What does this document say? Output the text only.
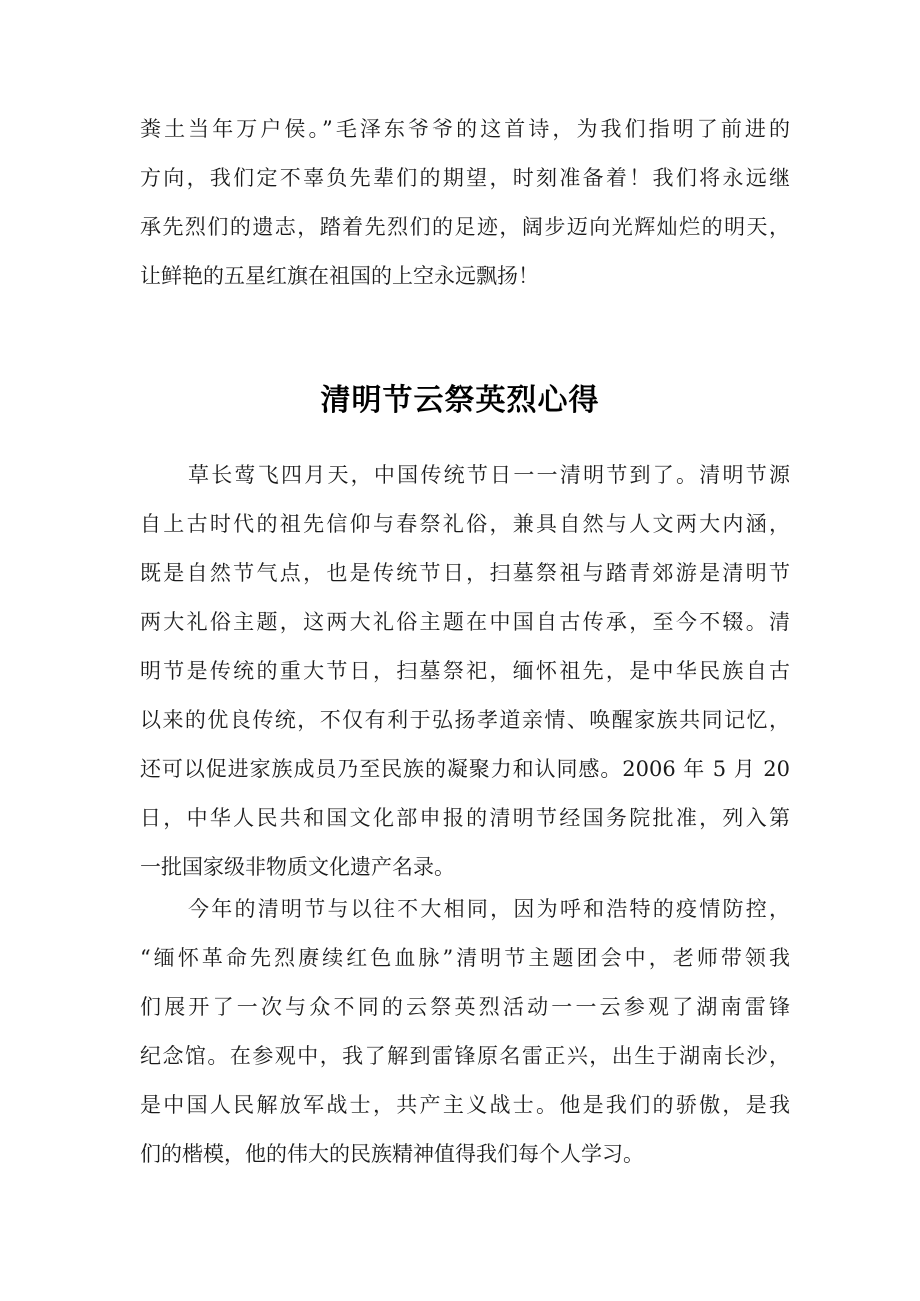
粪土当年万户侯。”毛泽东爷爷的这首诗，为我们指明了前进的
方向，我们定不辜负先辈们的期望，时刻准备着！我们将永远继
承先烈们的遗志，踏着先烈们的足迹，阔步迈向光辉灿烂的明天，
让鲜艳的五星红旗在祖国的上空永远飘扬！
清明节云祭英烈心得
草长莺飞四月天，中国传统节日一一清明节到了。清明节源
自上古时代的祖先信仰与春祭礼俗，兼具自然与人文两大内涵，
既是自然节气点，也是传统节日，扫墓祭祖与踏青郊游是清明节
两大礼俗主题，这两大礼俗主题在中国自古传承，至今不辍。清
明节是传统的重大节日，扫墓祭祀，缅怀祖先，是中华民族自古
以来的优良传统，不仅有利于弘扬孝道亲情、唤醒家族共同记忆，
还可以促进家族成员乃至民族的凝聚力和认同感。2006 年 5 月 20
日，中华人民共和国文化部申报的清明节经国务院批准，列入第
一批国家级非物质文化遗产名录。
今年的清明节与以往不大相同，因为呼和浩特的疫情防控，
“缅怀革命先烈赓续红色血脉”清明节主题团会中，老师带领我
们展开了一次与众不同的云祭英烈活动一一云参观了湖南雷锋
纪念馆。在参观中，我了解到雷锋原名雷正兴，出生于湖南长沙，
是中国人民解放军战士，共产主义战士。他是我们的骄傲，是我
们的楷模，他的伟大的民族精神值得我们每个人学习。
